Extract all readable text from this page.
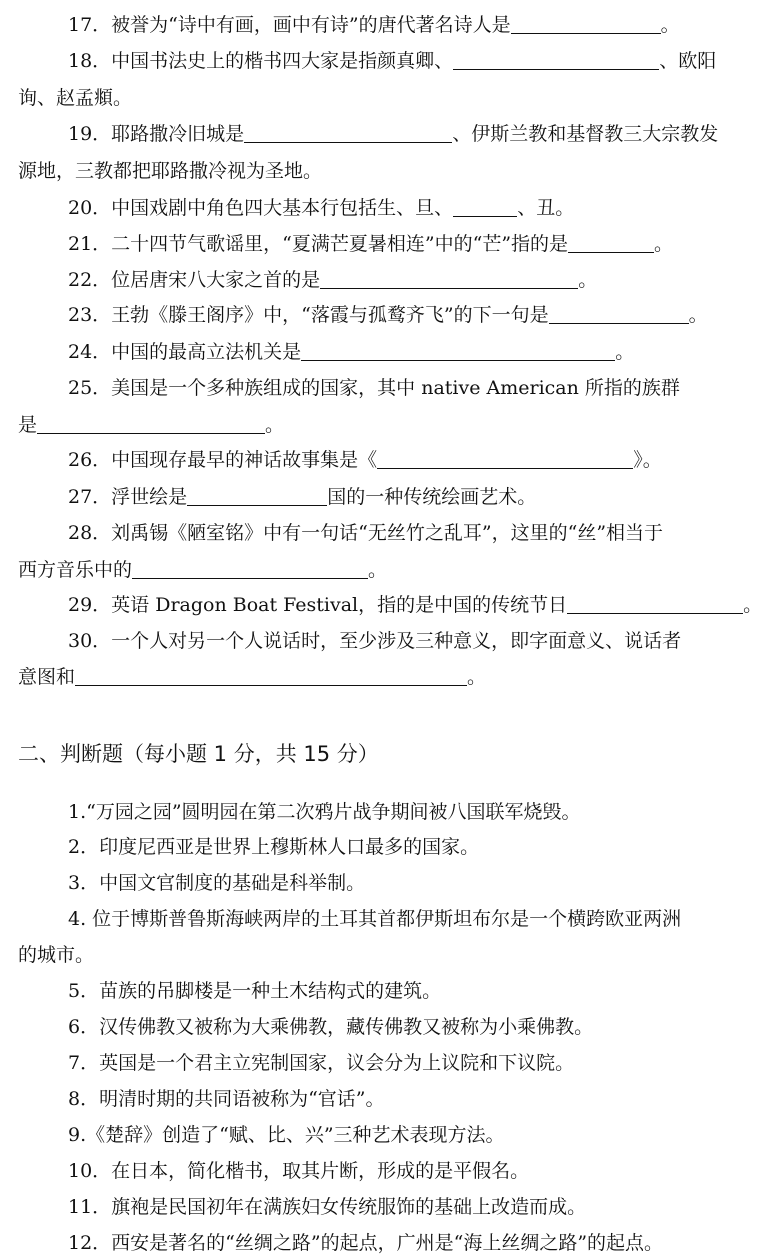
17．被誉为“诗中有画，画中有诗”的唐代著名诗人是	。
18．中国书法史上的楷书四大家是指颜真卿、	、欧阳
询、赵孟頫。
19．耶路撒冷旧城是	、伊斯兰教和基督教三大宗教发
源地，三教都把耶路撒冷视为圣地。
20．中国戏剧中角色四大基本行包括生、旦、	、丑。
21．二十四节气歌谣里，“夏满芒夏暑相连”中的“芒”指的是	。
22．位居唐宋八大家之首的是	。
23．王勃《滕王阁序》中，“落霞与孤鹜齐飞”的下一句是	。
24．中国的最高立法机关是	。
25．美国是一个多种族组成的国家，其中 native American 所指的族群
是	。
26．中国现存最早的神话故事集是《	》。
27．浮世绘是	国的一种传统绘画艺术。
28．刘禹锡《陋室铭》中有一句话“无丝竹之乱耳”，这里的“丝”相当于
西方音乐中的	。
29．英语 Dragon Boat Festival，指的是中国的传统节日	。
30．一个人对另一个人说话时，至少涉及三种意义，即字面意义、说话者
意图和	。
二、判断题（每小题 1 分，共 15 分）
1.“万园之园”圆明园在第二次鸦片战争期间被八国联军烧毁。
2．印度尼西亚是世界上穆斯林人口最多的国家。
3．中国文官制度的基础是科举制。
4. 位于博斯普鲁斯海峡两岸的土耳其首都伊斯坦布尔是一个横跨欧亚两洲
的城市。
5．苗族的吊脚楼是一种土木结构式的建筑。
6．汉传佛教又被称为大乘佛教，藏传佛教又被称为小乘佛教。
7．英国是一个君主立宪制国家，议会分为上议院和下议院。
8．明清时期的共同语被称为“官话”。
9.《楚辞》创造了“赋、比、兴”三种艺术表现方法。
10．在日本，简化楷书，取其片断，形成的是平假名。
11．旗袍是民国初年在满族妇女传统服饰的基础上改造而成。
12．西安是著名的“丝绸之路”的起点，广州是“海上丝绸之路”的起点。
